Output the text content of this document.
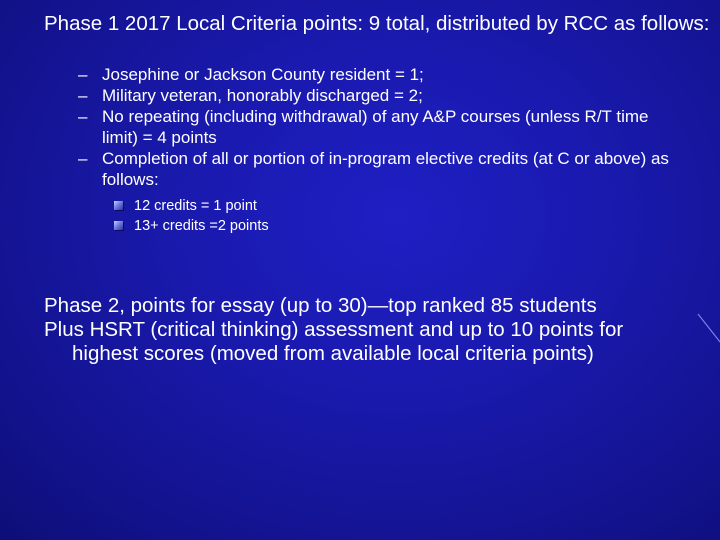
Phase 1 2017 Local Criteria points: 9 total, distributed by RCC as follows:
– Josephine or Jackson County resident = 1;
– Military veteran, honorably discharged = 2;
– No repeating (including withdrawal) of any A&P courses (unless R/T time limit) = 4 points
– Completion of all or portion of in-program elective credits (at C or above) as follows:
12 credits = 1 point
13+ credits =2 points
Phase 2, points for essay (up to 30)—top ranked 85 students
Plus HSRT (critical thinking) assessment and up to 10 points for highest scores (moved from available local criteria points)
